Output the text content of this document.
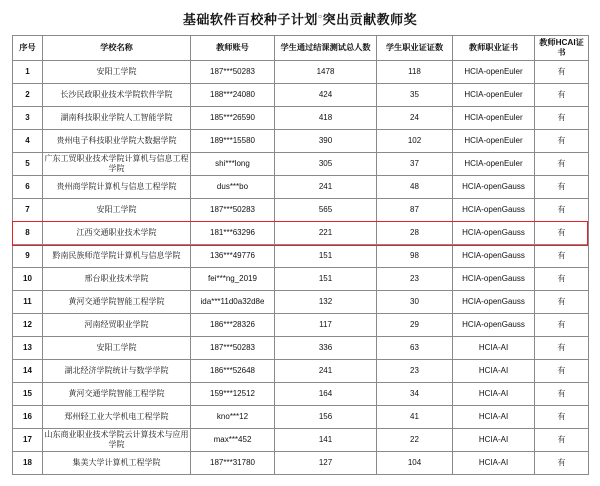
基础软件百校种子计划○突出贡献教师奖
序号	学校名称	教师账号	学生通过结课测试总人数	学生职业证证数	教师职业证书	教师HCAI证书
1	安阳工学院	187***50283	1478	118	HCIA-openEuler	有
2	长沙民政职业技术学院软件学院	188***24080	424	35	HCIA-openEuler	有
3	湖南科技职业学院人工智能学院	185***26590	418	24	HCIA-openEuler	有
4	贵州电子科技职业学院大数据学院	189***15580	390	102	HCIA-openEuler	有
5	广东工贸职业技术学院计算机与信息工程学院	shi***long	305	37	HCIA-openEuler	有
6	贵州商学院计算机与信息工程学院	dus***bo	241	48	HCIA-openGauss	有
7	安阳工学院	187***50283	565	87	HCIA-openGauss	有
8	江西交通职业技术学院	181***63296	221	28	HCIA-openGauss	有
9	黔南民族师范学院计算机与信息学院	136***49776	151	98	HCIA-openGauss	有
10	邢台职业技术学院	fei***ng_2019	151	23	HCIA-openGauss	有
11	黄河交通学院智能工程学院	ida***11d0a32d8e	132	30	HCIA-openGauss	有
12	河南经贸职业学院	186***28326	117	29	HCIA-openGauss	有
13	安阳工学院	187***50283	336	63	HCIA-AI	有
14	湖北经济学院统计与数学学院	186***52648	241	23	HCIA-AI	有
15	黄河交通学院智能工程学院	159***12512	164	34	HCIA-AI	有
16	郑州轻工业大学机电工程学院	kno***12	156	41	HCIA-AI	有
17	山东商业职业技术学院云计算技术与应用学院	max***452	141	22	HCIA-AI	有
18	集美大学计算机工程学院	187***31780	127	104	HCIA-AI	有
